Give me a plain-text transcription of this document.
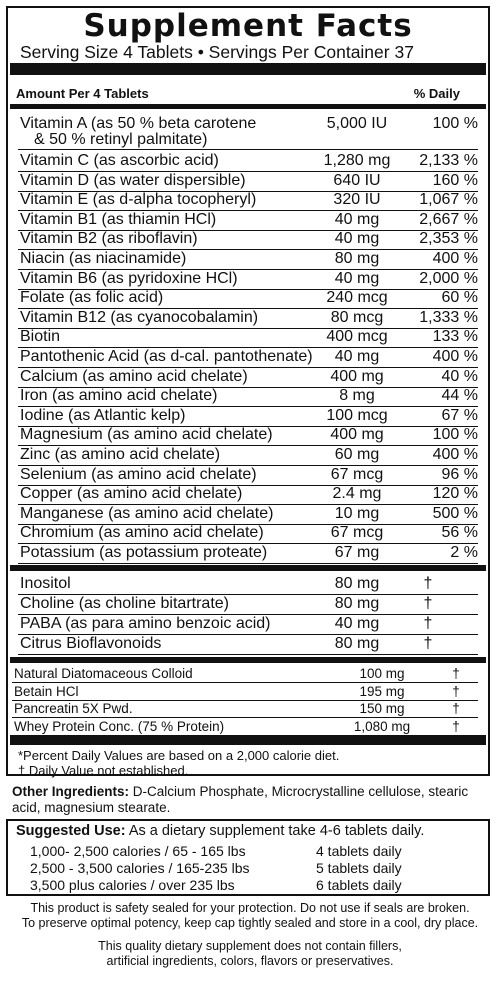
Supplement Facts
Serving Size 4 Tablets • Servings Per Container 37
Amount Per 4 Tablets	% Daily
Vitamin A (as 50 % beta carotene
& 50 % retinyl palmitate)
5,000 IU	100 %
Vitamin C (as ascorbic acid)	1,280 mg	2,133 %
Vitamin D (as water dispersible)	640 IU	160 %
Vitamin E (as d-alpha tocopheryl)	320 IU	1,067 %
Vitamin B1 (as thiamin HCl)	40 mg	2,667 %
Vitamin B2 (as riboflavin)	40 mg	2,353 %
Niacin (as niacinamide)	80 mg	400 %
Vitamin B6 (as pyridoxine HCl)	40 mg	2,000 %
Folate (as folic acid)	240 mcg	60 %
Vitamin B12 (as cyanocobalamin)	80 mcg	1,333 %
Biotin	400 mcg	133 %
Pantothenic Acid (as d-cal. pantothenate)	40 mg	400 %
Calcium (as amino acid chelate)	400 mg	40 %
Iron (as amino acid chelate)	8 mg	44 %
Iodine (as Atlantic kelp)	100 mcg	67 %
Magnesium (as amino acid chelate)	400 mg	100 %
Zinc (as amino acid chelate)	60 mg	400 %
Selenium (as amino acid chelate)	67 mcg	96 %
Copper (as amino acid chelate)	2.4 mg	120 %
Manganese (as amino acid chelate)	10 mg	500 %
Chromium (as amino acid chelate)	67 mcg	56 %
Potassium (as potassium proteate)	67 mg	2 %
Inositol	80 mg	†
Choline (as choline bitartrate)	80 mg	†
PABA (as para amino benzoic acid)	40 mg	†
Citrus Bioflavonoids	80 mg	†
Natural Diatomaceous Colloid	100 mg	†
Betain HCl	195 mg	†
Pancreatin 5X Pwd.	150 mg	†
Whey Protein Conc. (75 % Protein)	1,080 mg	†
*Percent Daily Values are based on a 2,000 calorie diet.
† Daily Value not established.
Other Ingredients: D-Calcium Phosphate, Microcrystalline cellulose, stearic acid, magnesium stearate.
Suggested Use: As a dietary supplement take 4-6 tablets daily.
1,000- 2,500 calories / 65 - 165 lbs	4 tablets daily
2,500 - 3,500 calories / 165-235 lbs	5 tablets daily
3,500 plus calories / over 235 lbs	6 tablets daily
This product is safety sealed for your protection. Do not use if seals are broken.
To preserve optimal potency, keep cap tightly sealed and store in a cool, dry place.
This quality dietary supplement does not contain fillers,
artificial ingredients, colors, flavors or preservatives.
